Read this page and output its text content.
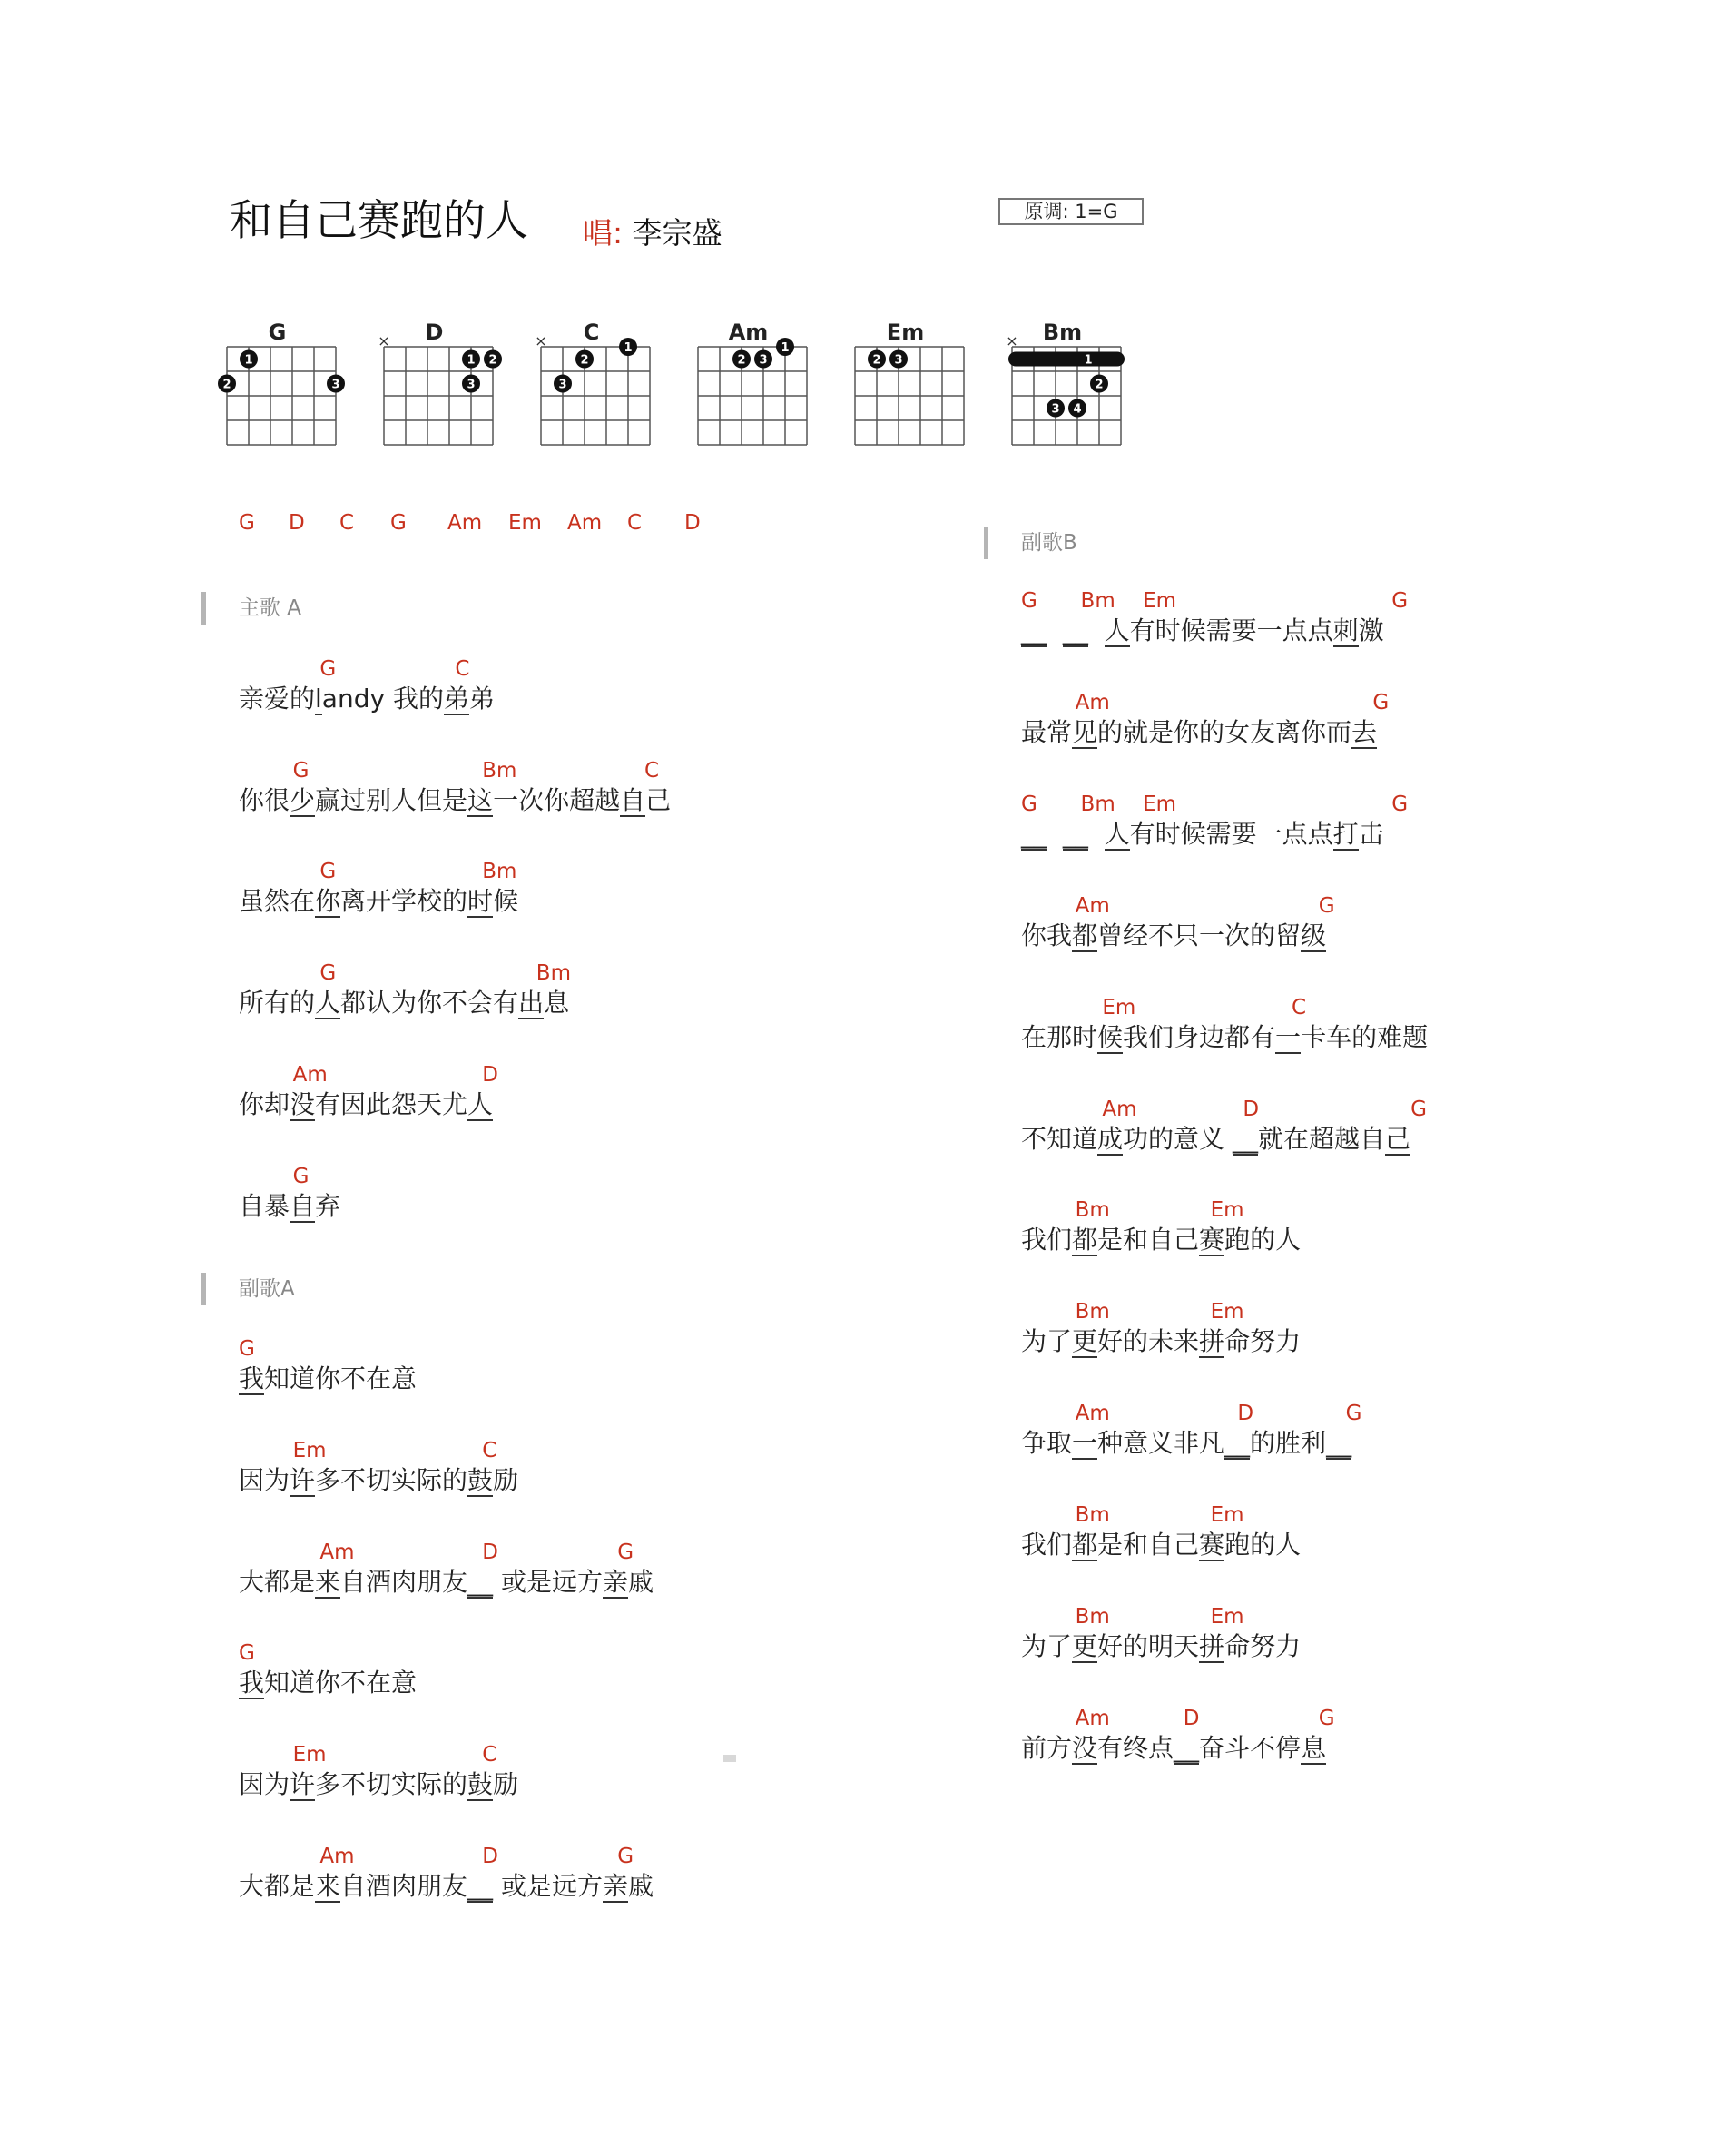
和自己赛跑的人 唱: 李宗盛
原调: 1=G
G
1
2	3
D
×
1 2
3
C
×	1
2
3
Am
1
2 3
Em
2 3
Bm
×
1
2
3 4
G D C G Am Em Am C D
主歌 A
G	C
亲爱的landy 我的弟弟
G	Bm	C
你很少赢过别人但是这一次你超越自己
G	Bm
虽然在你离开学校的时候
G	Bm
所有的人都认为你不会有出息
Am	D
你却没有因此怨天尤人
G
自暴自弃
副歌A
G
我知道你不在意
Em	C
因为许多不切实际的鼓励
Am	D	G
大都是来自酒肉朋友__ 或是远方亲戚
G
我知道你不在意
Em	C
因为许多不切实际的鼓励
Am	D	G
大都是来自酒肉朋友__ 或是远方亲戚
副歌B
G Bm Em	G
__ __ 人有时候需要一点点刺激
Am	G
最常见的就是你的女友离你而去
G Bm Em	G
__ __ 人有时候需要一点点打击
Am	G
你我都曾经不只一次的留级
Em	C
在那时候我们身边都有一卡车的难题
Am	D	G
不知道成功的意义 __就在超越自己
Bm	Em
我们都是和自己赛跑的人
Bm	Em
为了更好的未来拼命努力
Am	D	G
争取一种意义非凡__的胜利__
Bm	Em
我们都是和自己赛跑的人
Bm	Em
为了更好的明天拼命努力
Am	D	G
前方没有终点__奋斗不停息
